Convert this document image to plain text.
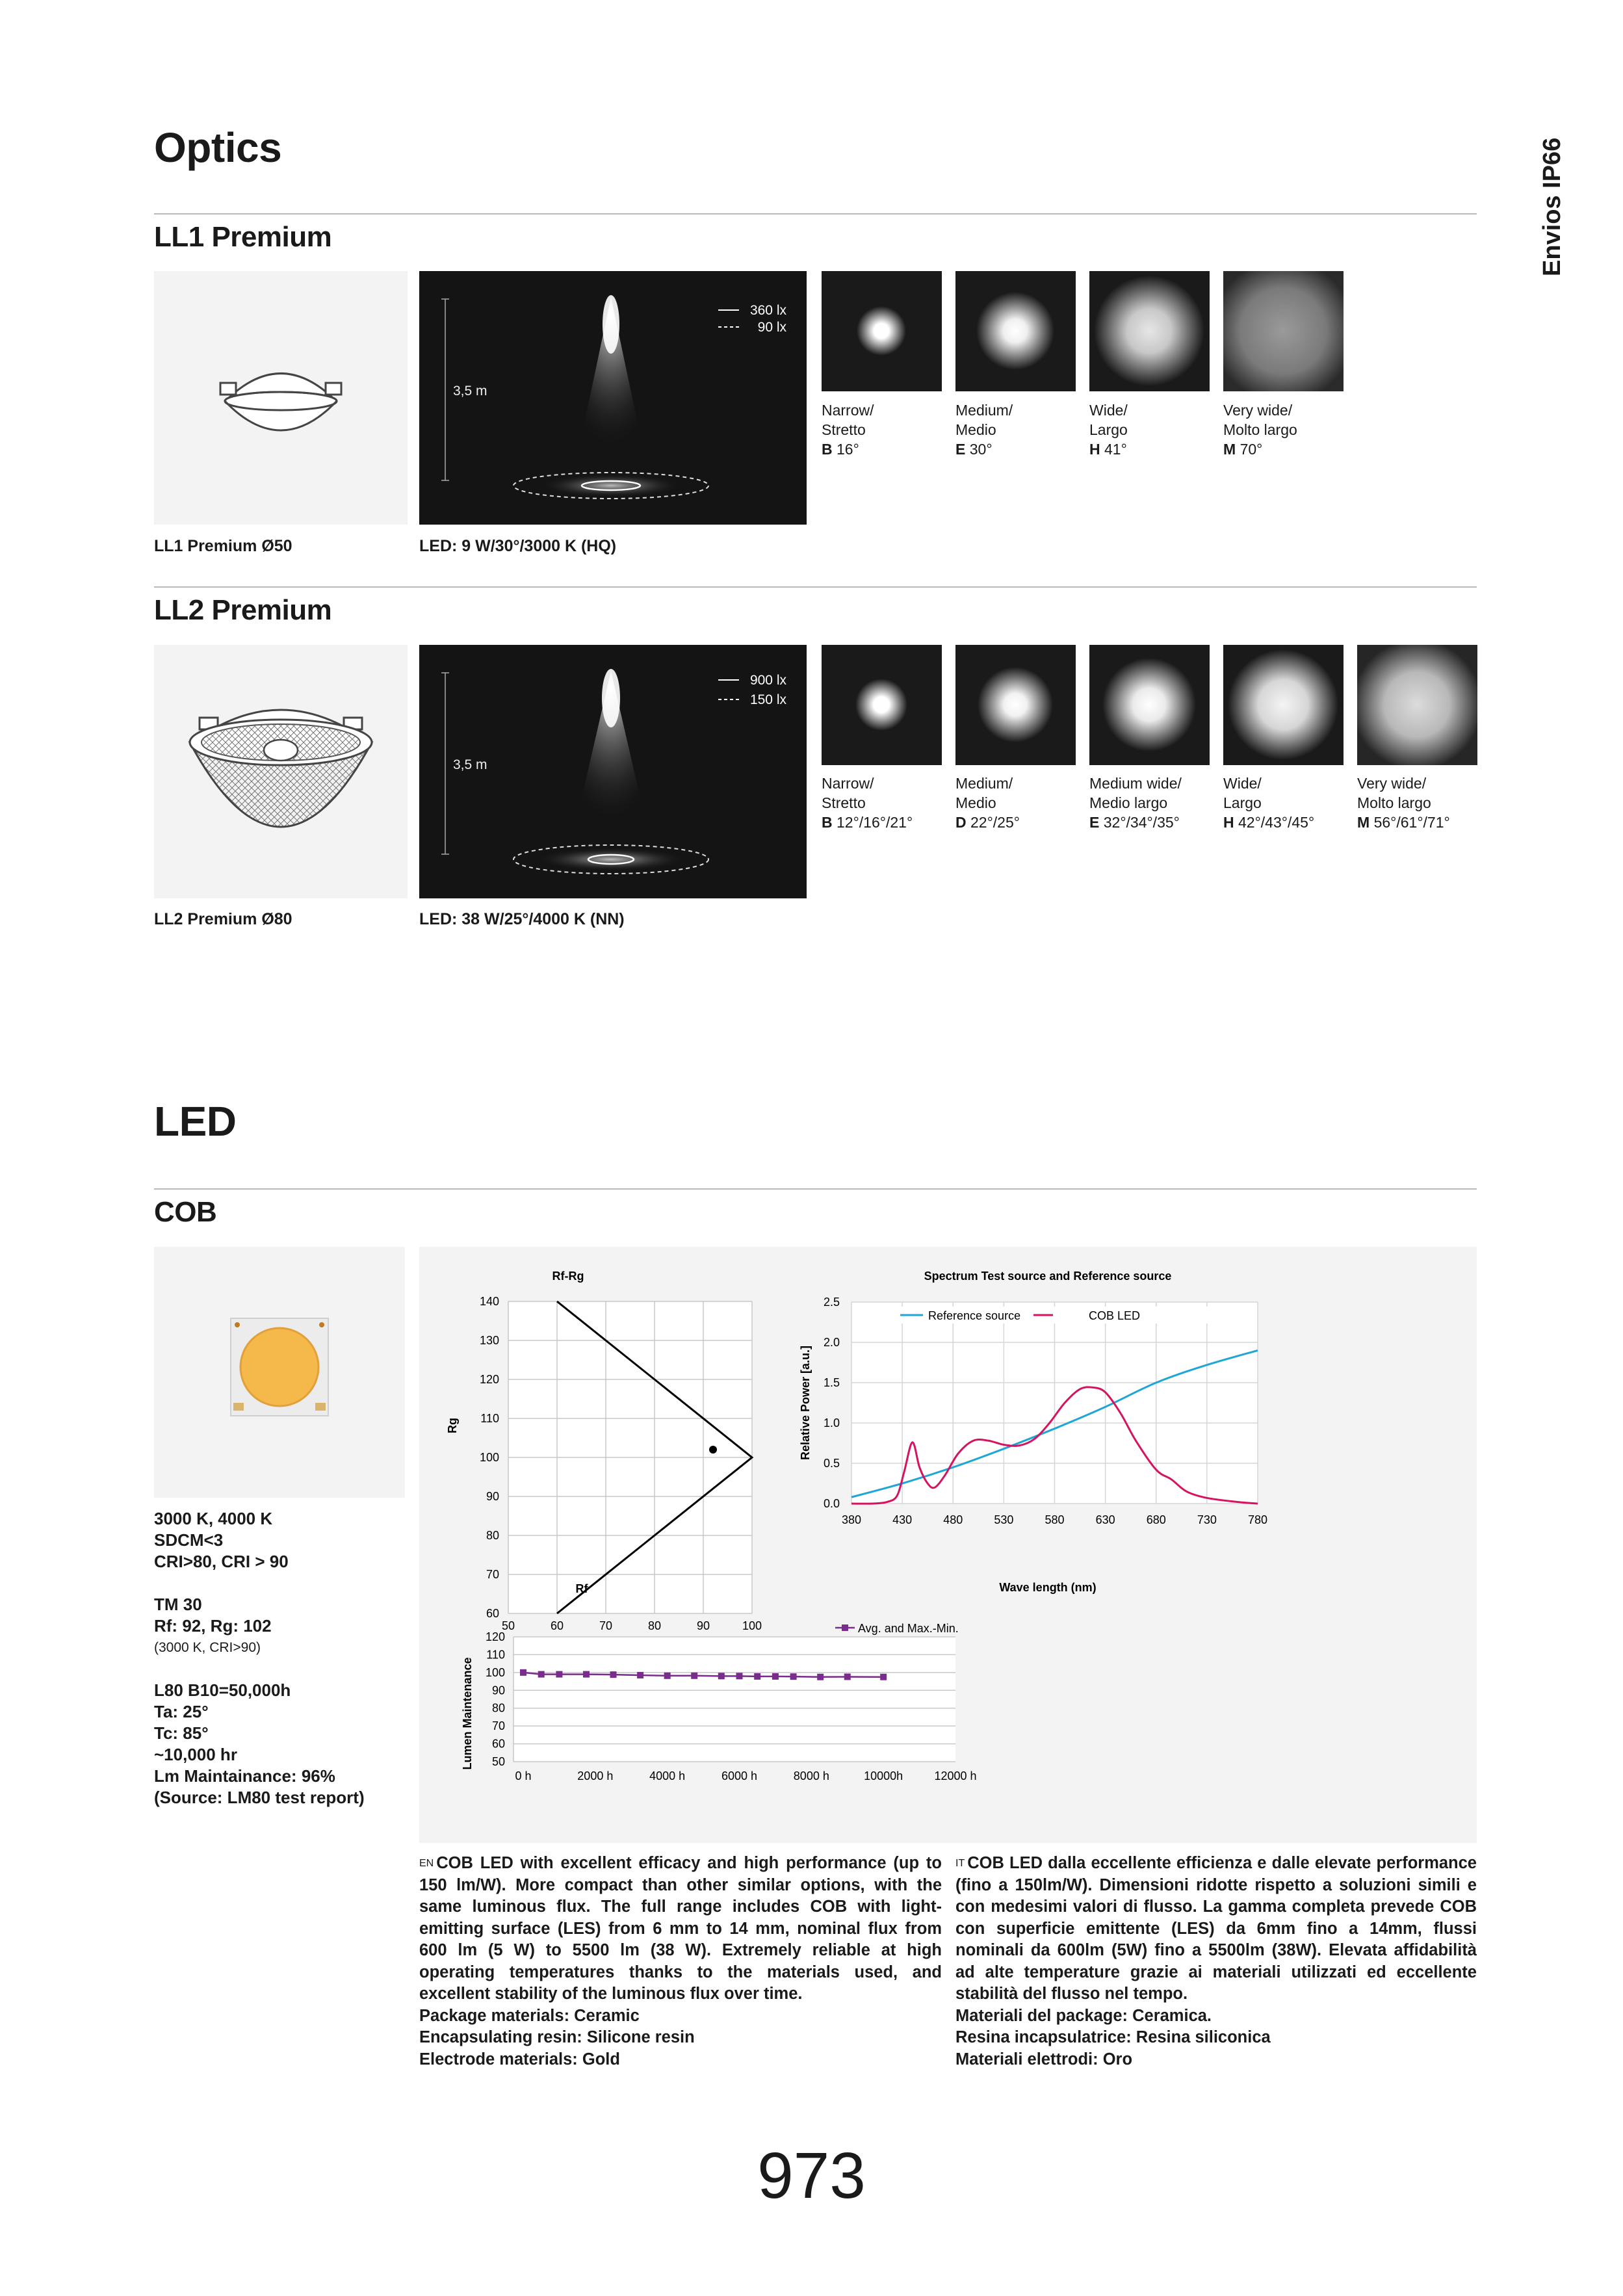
Envios IP66
Optics
LL1 Premium
3,5 m
360 lx
90 lx
Narrow/
Stretto
B 16°
Medium/
Medio
E 30°
Wide/
Largo
H 41°
Very wide/
Molto largo
M 70°
LL1 Premium Ø50	LED: 9 W/30°/3000 K (HQ)
LL2 Premium
3,5 m
900 lx
150 lx
Narrow/
Stretto
B 12°/16°/21°
Medium/
Medio
D 22°/25°
Medium wide/
Medio largo
E 32°/34°/35°
Wide/
Largo
H 42°/43°/45°
Very wide/
Molto largo
M 56°/61°/71°
LL2 Premium Ø80	LED: 38 W/25°/4000 K (NN)
LED
COB
3000 K, 4000 K
SDCM<3
CRI>80, CRI > 90
TM 30
Rf: 92, Rg: 102
(3000 K, CRI>90)
L80 B10=50,000h
Ta: 25°
Tc: 85°
~10,000 hr
Lm Maintainance: 96%
(Source: LM80 test report)
Rf-Rg
60
70
80
90
100
110
120
130
140
50	60	70	80	90	100
Rg
Rf
Spectrum Test source and Reference source
0.0
0.5
1.0
1.5
2.0
2.5
380	430	480	530	580	630	680	730	780
Reference source	COB LED
Relative Power [a.u.]
Wave length (nm)
50
60
70
80
90
100
110
120
0 h	2000 h	4000 h	6000 h	8000 h	10000h	12000 h
Avg. and Max.-Min.
Lumen Maintenance
$^{EN}$ COB LED with excellent efficacy and high performance (up to 150 lm/W). More compact than other similar options, with the same luminous flux. The full range includes COB with light-emitting surface (LES) from 6 mm to 14 mm, nominal flux from 600 lm (5 W) to 5500 lm (38 W). Extremely reliable at high operating temperatures thanks to the materials used, and excellent stability of the luminous flux over time.
Package materials: Ceramic
Encapsulating resin: Silicone resin
Electrode materials: Gold
$^{IT}$ COB LED dalla eccellente efficienza e dalle elevate performance (fino a 150lm/W). Dimensioni ridotte rispetto a soluzioni simili e con medesimi valori di flusso. La gamma completa prevede COB con superficie emittente (LES) da 6mm fino a 14mm, flussi nominali da 600lm (5W) fino a 5500lm (38W). Elevata affidabilità ad alte temperature grazie ai materiali utilizzati ed eccellente stabilità del flusso nel tempo.
Materiali del package: Ceramica.
Resina incapsulatrice: Resina siliconica
Materiali elettrodi: Oro
973
